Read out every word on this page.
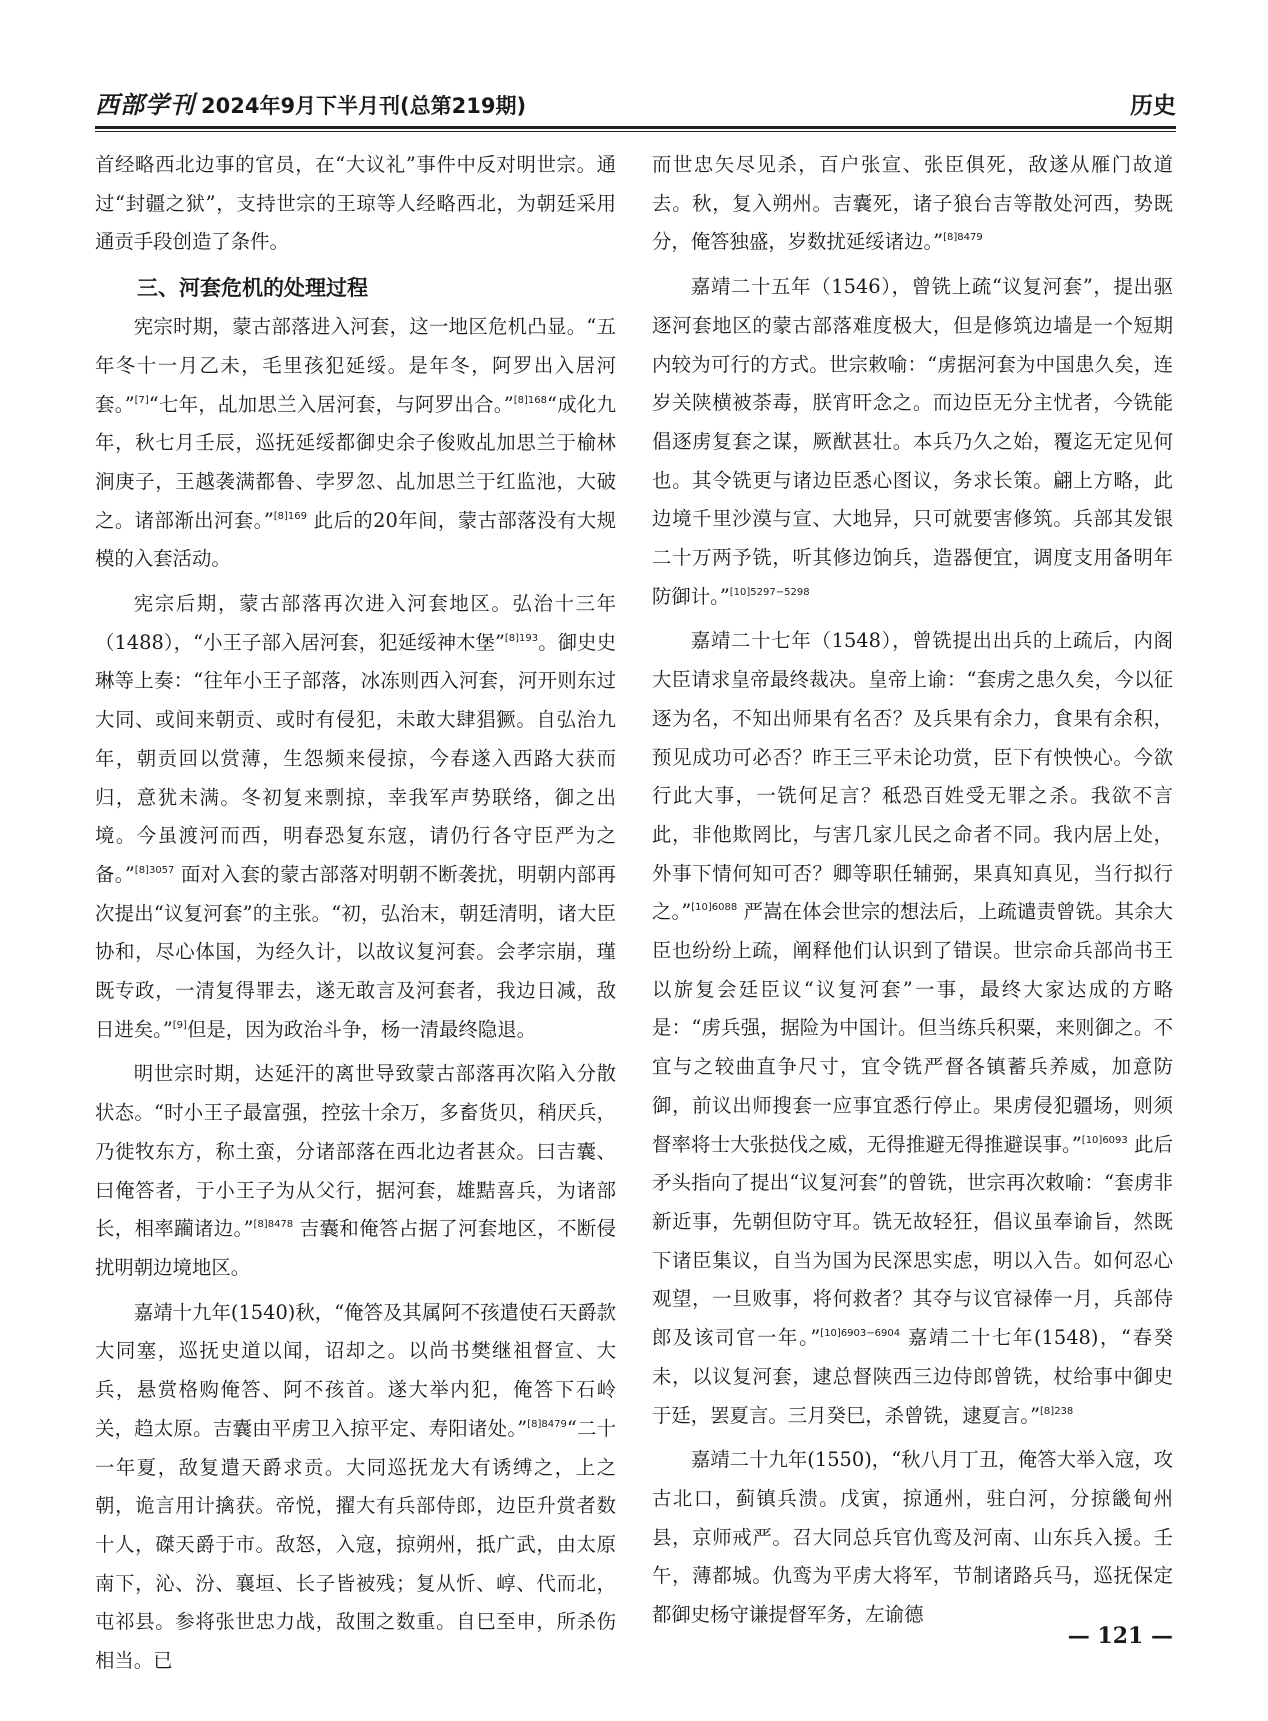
西部学刊 2024年9月下半月刊(总第219期)	历史

首经略西北边事的官员，在“大议礼”事件中反对明世宗。通过“封疆之狱”，支持世宗的王琼等人经略西北，为朝廷采用通贡手段创造了条件。

三、河套危机的处理过程

宪宗时期，蒙古部落进入河套，这一地区危机凸显。“五年冬十一月乙未，毛里孩犯延绥。是年冬，阿罗出入居河套。”[7]“七年，乩加思兰入居河套，与阿罗出合。”$^{[8]168}$“成化九年，秋七月壬辰，巡抚延绥都御史余子俊败乩加思兰于榆林涧庚子，王越袭满都鲁、孛罗忽、乩加思兰于红监池，大破之。诸部渐出河套。”$^{[8]169}$ 此后的20年间，蒙古部落没有大规模的入套活动。

宪宗后期，蒙古部落再次进入河套地区。弘治十三年（1488），“小王子部入居河套，犯延绥神木堡”$^{[8]193}$。御史史琳等上奏：“往年小王子部落，冰冻则西入河套，河开则东过大同、或间来朝贡、或时有侵犯，未敢大肆猖獗。自弘治九年，朝贡回以赏薄，生怨频来侵掠，今春遂入西路大获而归，意犹未满。冬初复来剽掠，幸我军声势联络，御之出境。今虽渡河而西，明春恐复东寇，请仍行各守臣严为之备。”$^{[8]3057}$ 面对入套的蒙古部落对明朝不断袭扰，明朝内部再次提出“议复河套”的主张。“初，弘治末，朝廷清明，诸大臣协和，尽心体国，为经久计，以故议复河套。会孝宗崩，瑾既专政，一清复得罪去，遂无敢言及河套者，我边日减，敌日进矣。”[9]但是，因为政治斗争，杨一清最终隐退。

明世宗时期，达延汗的离世导致蒙古部落再次陷入分散状态。“时小王子最富强，控弦十余万，多畜货贝，稍厌兵，乃徙牧东方，称土蛮，分诸部落在西北边者甚众。曰吉囊、曰俺答者，于小王子为从父行，据河套，雄黠喜兵，为诸部长，相率躏诸边。”$^{[8]8478}$ 吉囊和俺答占据了河套地区，不断侵扰明朝边境地区。

嘉靖十九年(1540)秋，“俺答及其属阿不孩遣使石天爵款大同塞，巡抚史道以闻，诏却之。以尚书樊继祖督宣、大兵，悬赏格购俺答、阿不孩首。遂大举内犯，俺答下石岭关，趋太原。吉囊由平虏卫入掠平定、寿阳诸处。”$^{[8]8479}$“二十一年夏，敌复遣天爵求贡。大同巡抚龙大有诱缚之，上之朝，诡言用计擒获。帝悦，擢大有兵部侍郎，边臣升赏者数十人，磔天爵于市。敌怒，入寇，掠朔州，抵广武，由太原南下，沁、汾、襄垣、长子皆被残；复从忻、崞、代而北，屯祁县。参将张世忠力战，敌围之数重。自巳至申，所杀伤相当。已

而世忠矢尽见杀，百户张宣、张臣俱死，敌遂从雁门故道去。秋，复入朔州。吉囊死，诸子狼台吉等散处河西，势既分，俺答独盛，岁数扰延绥诸边。”$^{[8]8479}$

嘉靖二十五年（1546），曾铣上疏“议复河套”，提出驱逐河套地区的蒙古部落难度极大，但是修筑边墙是一个短期内较为可行的方式。世宗敕喻：“虏据河套为中国患久矣，连岁关陕横被荼毒，朕宵旰念之。而边臣无分主忧者，今铣能倡逐虏复套之谋，厥猷甚壮。本兵乃久之始，覆迄无定见何也。其令铣更与诸边臣悉心图议，务求长策。翩上方略，此边境千里沙漠与宣、大地异，只可就要害修筑。兵部其发银二十万两予铣，听其修边饷兵，造器便宜，调度支用备明年防御计。”$^{[10]5297-5298}$

嘉靖二十七年（1548），曾铣提出出兵的上疏后，内阁大臣请求皇帝最终裁决。皇帝上谕：“套虏之患久矣，今以征逐为名，不知出师果有名否？及兵果有余力，食果有余积，预见成功可必否？昨王三平未论功赏，臣下有怏怏心。今欲行此大事，一铣何足言？秪恐百姓受无罪之杀。我欲不言此，非他欺罔比，与害几家儿民之命者不同。我内居上处，外事下情何知可否？卿等职任辅弼，果真知真见，当行拟行之。”$^{[10]6088}$ 严嵩在体会世宗的想法后，上疏谴责曾铣。其余大臣也纷纷上疏，阐释他们认识到了错误。世宗命兵部尚书王以旂复会廷臣议“议复河套”一事，最终大家达成的方略是：“虏兵强，据险为中国计。但当练兵积粟，来则御之。不宜与之较曲直争尺寸，宜令铣严督各镇蓄兵养威，加意防御，前议出师搜套一应事宜悉行停止。果虏侵犯疆场，则须督率将士大张挞伐之威，无得推避无得推避误事。”$^{[10]6093}$ 此后矛头指向了提出“议复河套”的曾铣，世宗再次敕喻：“套虏非新近事，先朝但防守耳。铣无故轻狂，倡议虽奉谕旨，然既下诸臣集议，自当为国为民深思实虑，明以入告。如何忍心观望，一旦败事，将何救者？其夺与议官禄俸一月，兵部侍郎及该司官一年。”$^{[10]6903-6904}$ 嘉靖二十七年(1548)，“春癸未，以议复河套，逮总督陕西三边侍郎曾铣，杖给事中御史于廷，罢夏言。三月癸巳，杀曾铣，逮夏言。”$^{[8]238}$

嘉靖二十九年(1550)，“秋八月丁丑，俺答大举入寇，攻古北口，蓟镇兵溃。戊寅，掠通州，驻白河，分掠畿甸州县，京师戒严。召大同总兵官仇鸾及河南、山东兵入援。壬午，薄都城。仇鸾为平虏大将军，节制诸路兵马，巡抚保定都御史杨守谦提督军务，左谕德

— 121 —
